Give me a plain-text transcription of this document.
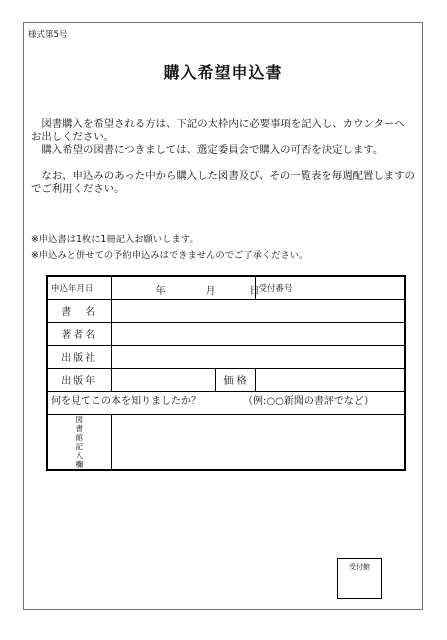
様式第5号
購入希望申込書
　図書購入を希望される方は、下記の太枠内に必要事項を記入し、カウンターへお出しください。
　購入希望の図書につきましては、選定委員会で購入の可否を決定します。
　なお、申込みのあった中から購入した図書及び、その一覧表を毎週配置しますのでご利用ください。
※申込書は1枚に1冊記入お願いします。
※申込みと併せての予約申込みはできませんのでご了承ください。
申込年月日	年 月 日		受付番号
書　名			
著者名			
出版社			
出版年		価 格	
何を見てこの本を知りましたか？ （例:○○新聞の書評でなど）			

図書館記入欄			

受付館
